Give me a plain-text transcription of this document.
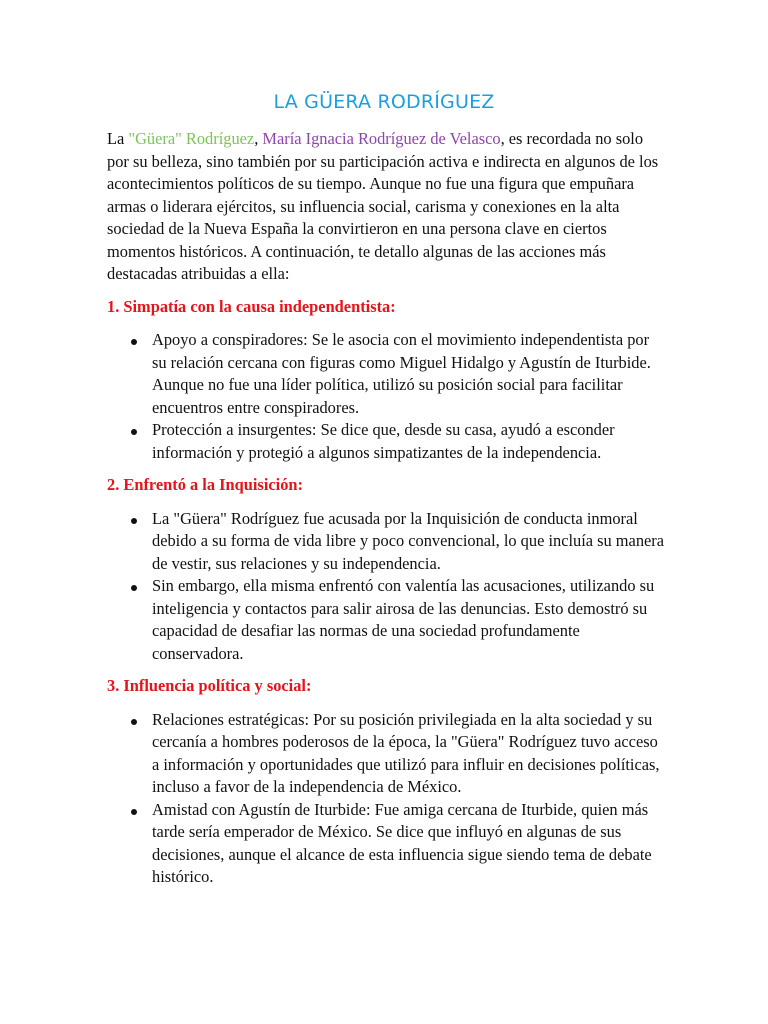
LA GÜERA RODRÍGUEZ

La "Güera" Rodríguez, María Ignacia Rodríguez de Velasco, es recordada no solo por su belleza, sino también por su participación activa e indirecta en algunos de los acontecimientos políticos de su tiempo. Aunque no fue una figura que empuñara armas o liderara ejércitos, su influencia social, carisma y conexiones en la alta sociedad de la Nueva España la convirtieron en una persona clave en ciertos momentos históricos. A continuación, te detallo algunas de las acciones más destacadas atribuidas a ella:

1. Simpatía con la causa independentista:

Apoyo a conspiradores: Se le asocia con el movimiento independentista por su relación cercana con figuras como Miguel Hidalgo y Agustín de Iturbide. Aunque no fue una líder política, utilizó su posición social para facilitar encuentros entre conspiradores.
Protección a insurgentes: Se dice que, desde su casa, ayudó a esconder información y protegió a algunos simpatizantes de la independencia.

2. Enfrentó a la Inquisición:

La "Güera" Rodríguez fue acusada por la Inquisición de conducta inmoral debido a su forma de vida libre y poco convencional, lo que incluía su manera de vestir, sus relaciones y su independencia.
Sin embargo, ella misma enfrentó con valentía las acusaciones, utilizando su inteligencia y contactos para salir airosa de las denuncias. Esto demostró su capacidad de desafiar las normas de una sociedad profundamente conservadora.

3. Influencia política y social:

Relaciones estratégicas: Por su posición privilegiada en la alta sociedad y su cercanía a hombres poderosos de la época, la "Güera" Rodríguez tuvo acceso a información y oportunidades que utilizó para influir en decisiones políticas, incluso a favor de la independencia de México.
Amistad con Agustín de Iturbide: Fue amiga cercana de Iturbide, quien más tarde sería emperador de México. Se dice que influyó en algunas de sus decisiones, aunque el alcance de esta influencia sigue siendo tema de debate histórico.
